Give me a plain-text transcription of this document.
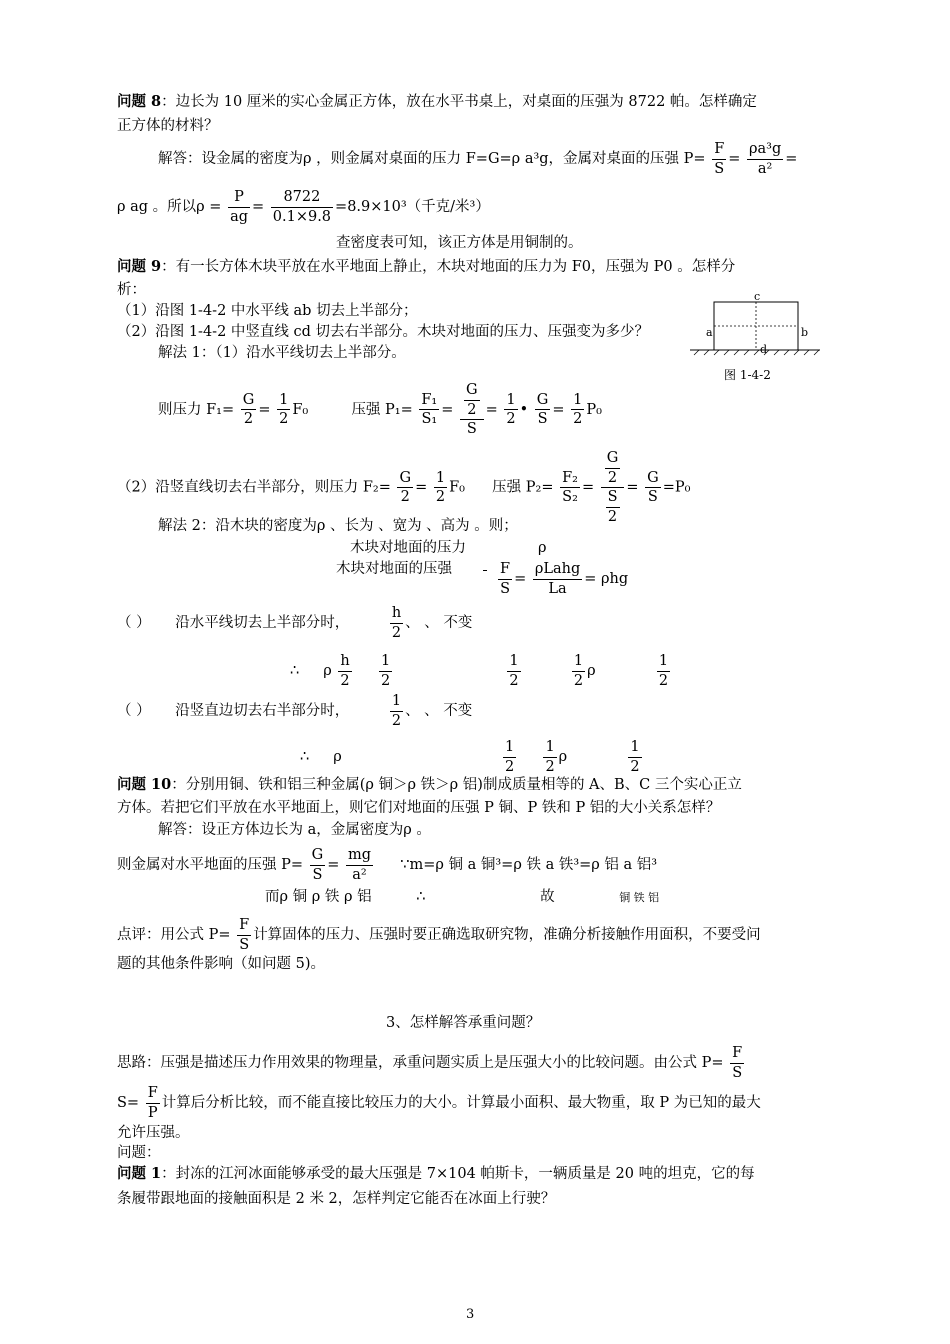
问题 8：边长为 10 厘米的实心金属正方体，放在水平书桌上，对桌面的压强为 8722 帕。怎样确定
正方体的材料？
解答：设金属的密度为ρ ，则金属对桌面的压力 F=G=ρ a³g，金属对桌面的压强 $P= \frac{F}{S} = \frac{\text{ρa³g}}{\text{a²}}$ =
ρ ag 。所以$\rho = \frac{P}{ag} = \frac{8722}{0.1\times 9.8} =8.9\times 10^3$（千克/米³）
查密度表可知，该正方体是用铜制的。
问题 9：有一长方体木块平放在水平地面上静止，木块对地面的压力为 F0，压强为 P0 。怎样分
析：
（1）沿图 1-4-2 中水平线 ab 切去上半部分；
（2）沿图 1-4-2 中竖直线 cd 切去右半部分。木块对地面的压力、压强变为多少？
解法 1：（1）沿水平线切去上半部分。
c
a	b
d
图 1-4-2
则压力 $F_1= \frac{G}{2} = \frac{1}{2} F_0$	压强 $P_1= \frac{\text{F₁}}{\text{S₁}} = \frac{\frac{G}{2}}{S} = \frac{1}{2}$ • $\frac{G}{S} = \frac{1}{2} P_0$
（2）沿竖直线切去右半部分，则压力 $F_2= \frac{G}{2} = \frac{1}{2} F_0$ 压强 $P_2= \frac{\text{F₂}}{\text{S₂}} = \frac{\frac{G}{2}}{\frac{S}{2}} = \frac{G}{S} =P_0$
解法 2：沿木块的密度为ρ 、长为 、宽为 、高为 。则；
木块对地面的压力	ρ
木块对地面的压强	$\frac{F}{S} = \frac{\text{ρLahg}}{La} = \rho hg$
（ ） 沿水平线切去上半部分时，	$\frac{h}{2}$ 、 、 不变
∴ ρ $\frac{h}{2}$
$\frac{1}{2}$
	$\frac{1}{2}$
	$\frac{1}{2}$ ρ	$\frac{1}{2}$
（ ） 沿竖直边切去右半部分时，	$\frac{1}{2}$ 、 、 不变
∴ ρ	$\frac{1}{2}$
$\frac{1}{2}$ ρ	$\frac{1}{2}$
问题 10：分别用铜、铁和铝三种金属(ρ 铜＞ρ 铁＞ρ 铝)制成质量相等的 A、B、C 三个实心正立
方体。若把它们平放在水平地面上，则它们对地面的压强 P 铜、P 铁和 P 铝的大小关系怎样？
解答：设正方体边长为 a，金属密度为ρ 。
则金属对水平地面的压强 $P= \frac{G}{S} = \frac{mg}{\text{a²}}$ ∵m=ρ 铜 a 铜³=ρ 铁 a 铁³=ρ 铝 a 铝³
而ρ 铜 ρ 铁 ρ 铝	∴	故	铜 铁 铝
点评：用公式 $P= \frac{F}{S}$ 计算固体的压力、压强时要正确选取研究物，准确分析接触作用面积，不要受问
题的其他条件影响（如问题 5)。
3、怎样解答承重问题？
思路：压强是描述压力作用效果的物理量，承重问题实质上是压强大小的比较问题。由公式 $P= \frac{F}{S}$
$S= \frac{F}{P}$ 计算后分析比较，而不能直接比较压力的大小。计算最小面积、最大物重，取 P 为已知的最大
允许压强。
问题：
问题 1：封冻的江河冰面能够承受的最大压强是 7×104 帕斯卡，一辆质量是 20 吨的坦克，它的每
条履带跟地面的接触面积是 2 米 2，怎样判定它能否在冰面上行驶？
3
